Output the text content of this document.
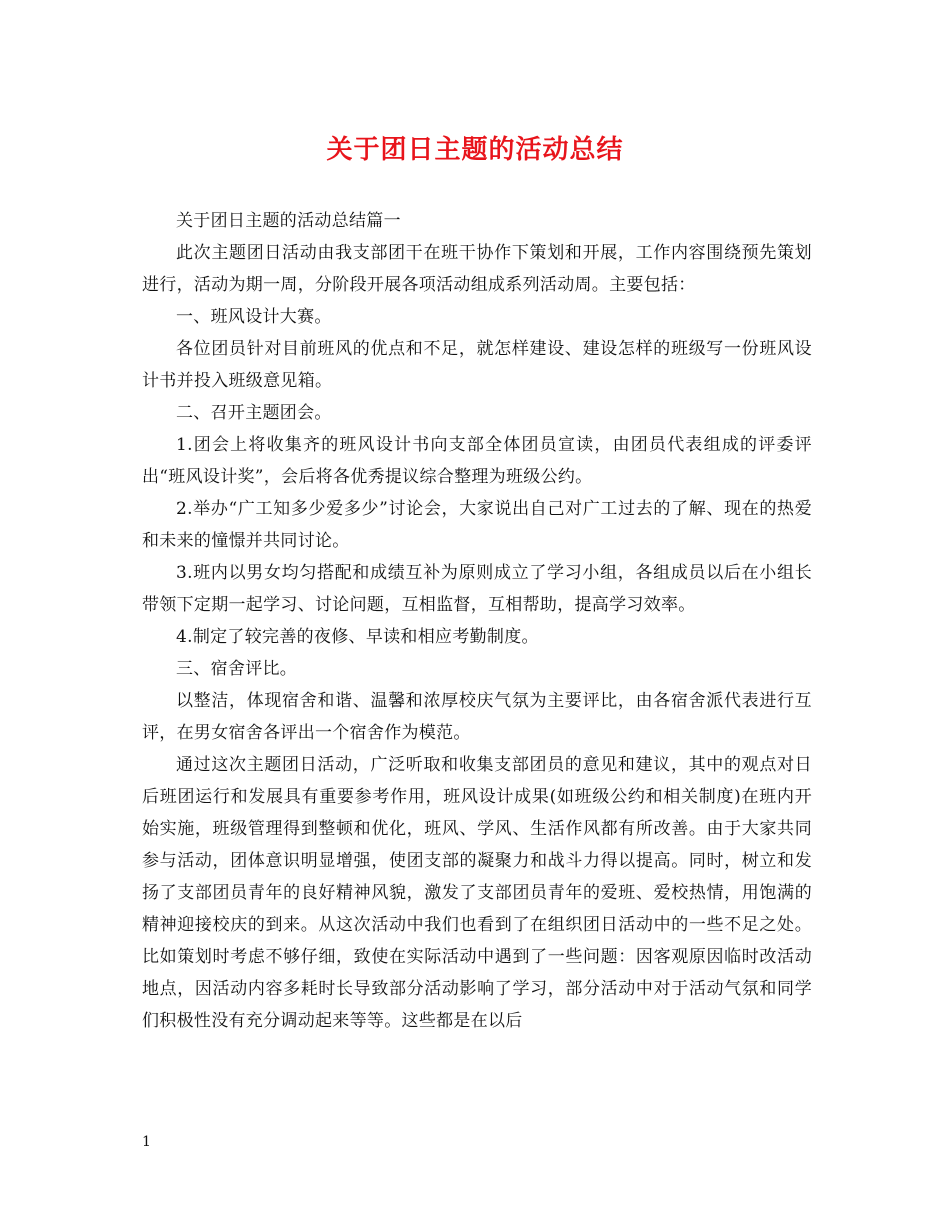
关于团日主题的活动总结

关于团日主题的活动总结篇一

此次主题团日活动由我支部团干在班干协作下策划和开展，工作内容围绕预先策划进行，活动为期一周，分阶段开展各项活动组成系列活动周。主要包括：

一、班风设计大赛。

各位团员针对目前班风的优点和不足，就怎样建设、建设怎样的班级写一份班风设计书并投入班级意见箱。

二、召开主题团会。

1.团会上将收集齐的班风设计书向支部全体团员宣读，由团员代表组成的评委评出“班风设计奖”，会后将各优秀提议综合整理为班级公约。

2.举办“广工知多少爱多少”讨论会，大家说出自己对广工过去的了解、现在的热爱和未来的憧憬并共同讨论。

3.班内以男女均匀搭配和成绩互补为原则成立了学习小组，各组成员以后在小组长带领下定期一起学习、讨论问题，互相监督，互相帮助，提高学习效率。

4.制定了较完善的夜修、早读和相应考勤制度。

三、宿舍评比。

以整洁，体现宿舍和谐、温馨和浓厚校庆气氛为主要评比，由各宿舍派代表进行互评，在男女宿舍各评出一个宿舍作为模范。

通过这次主题团日活动，广泛听取和收集支部团员的意见和建议，其中的观点对日后班团运行和发展具有重要参考作用，班风设计成果(如班级公约和相关制度)在班内开始实施，班级管理得到整顿和优化，班风、学风、生活作风都有所改善。由于大家共同参与活动，团体意识明显增强，使团支部的凝聚力和战斗力得以提高。同时，树立和发扬了支部团员青年的良好精神风貌，激发了支部团员青年的爱班、爱校热情，用饱满的精神迎接校庆的到来。从这次活动中我们也看到了在组织团日活动中的一些不足之处。比如策划时考虑不够仔细，致使在实际活动中遇到了一些问题：因客观原因临时改活动地点，因活动内容多耗时长导致部分活动影响了学习，部分活动中对于活动气氛和同学们积极性没有充分调动起来等等。这些都是在以后

1
